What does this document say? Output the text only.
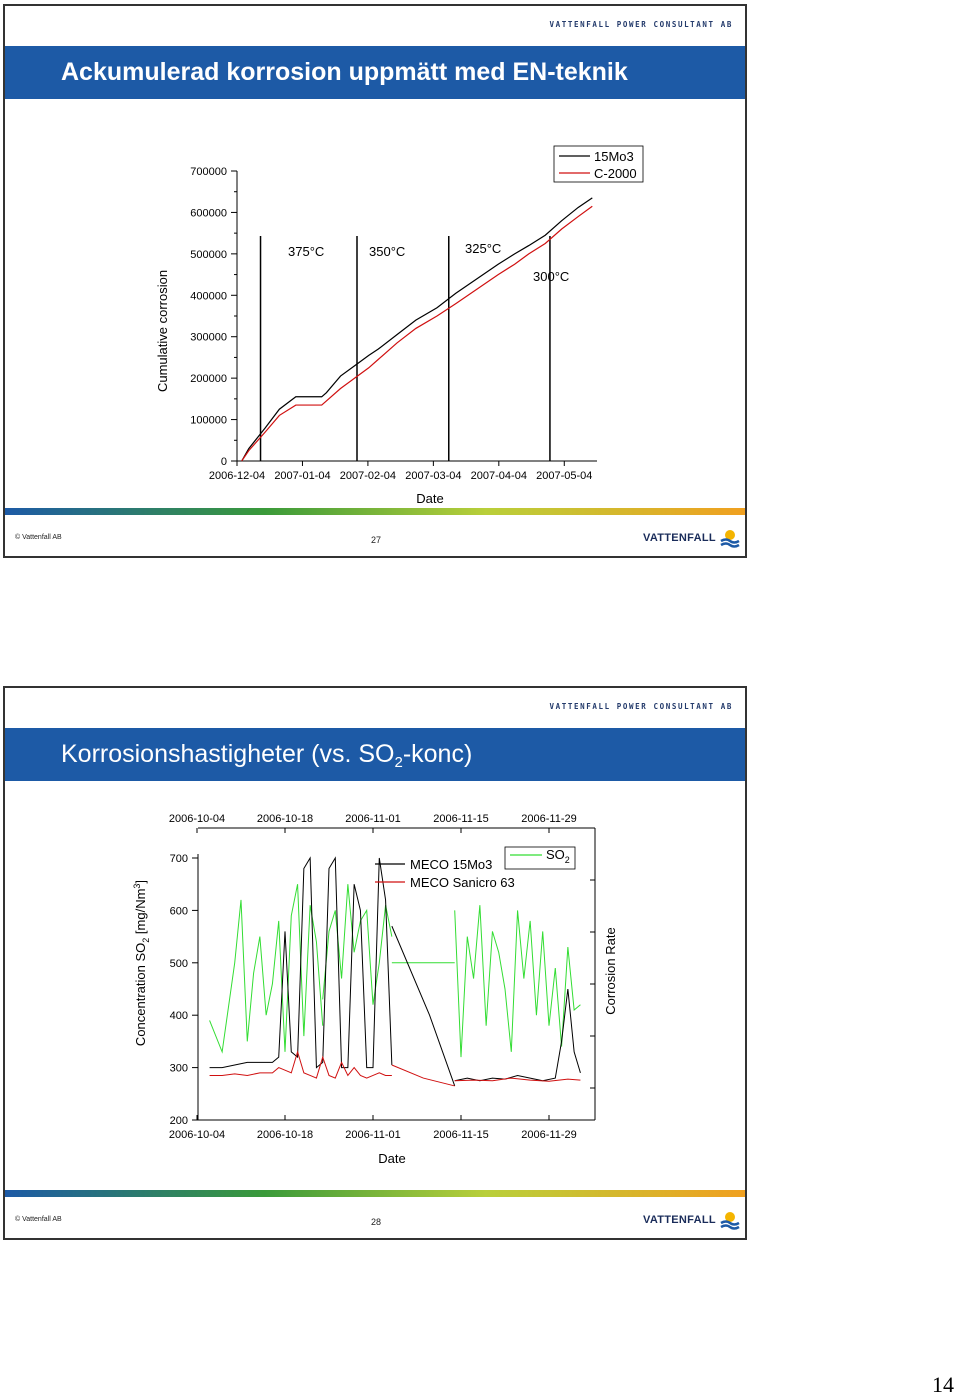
VATTENFALL POWER CONSULTANT AB
Ackumulerad korrosion uppmätt med EN-teknik
0
100000
200000
300000
400000
500000
600000
700000
2006-12-04 2007-01-04 2007-02-04 2007-03-04 2007-04-04 2007-05-04
375°C	350°C	325°C
300°C
15Mo3
C-2000
Cumulative corrosion
Date
© Vattenfall AB	27	VATTENFALL
VATTENFALL POWER CONSULTANT AB
Korrosionshastigheter (vs. $SO_2-konc$)
200
300
400
500
600
700
2006-10-04
2006-10-04
2006-10-18
2006-10-18
2006-11-01
2006-11-01
2006-11-15
2006-11-15
2006-11-29
2006-11-29
MECO 15Mo3
MECO Sanicro 63
$SO_2$
Concentration $SO_2$ [mg/Nm$^3$]
Corrosion Rate
Date
© Vattenfall AB	28	VATTENFALL
14
